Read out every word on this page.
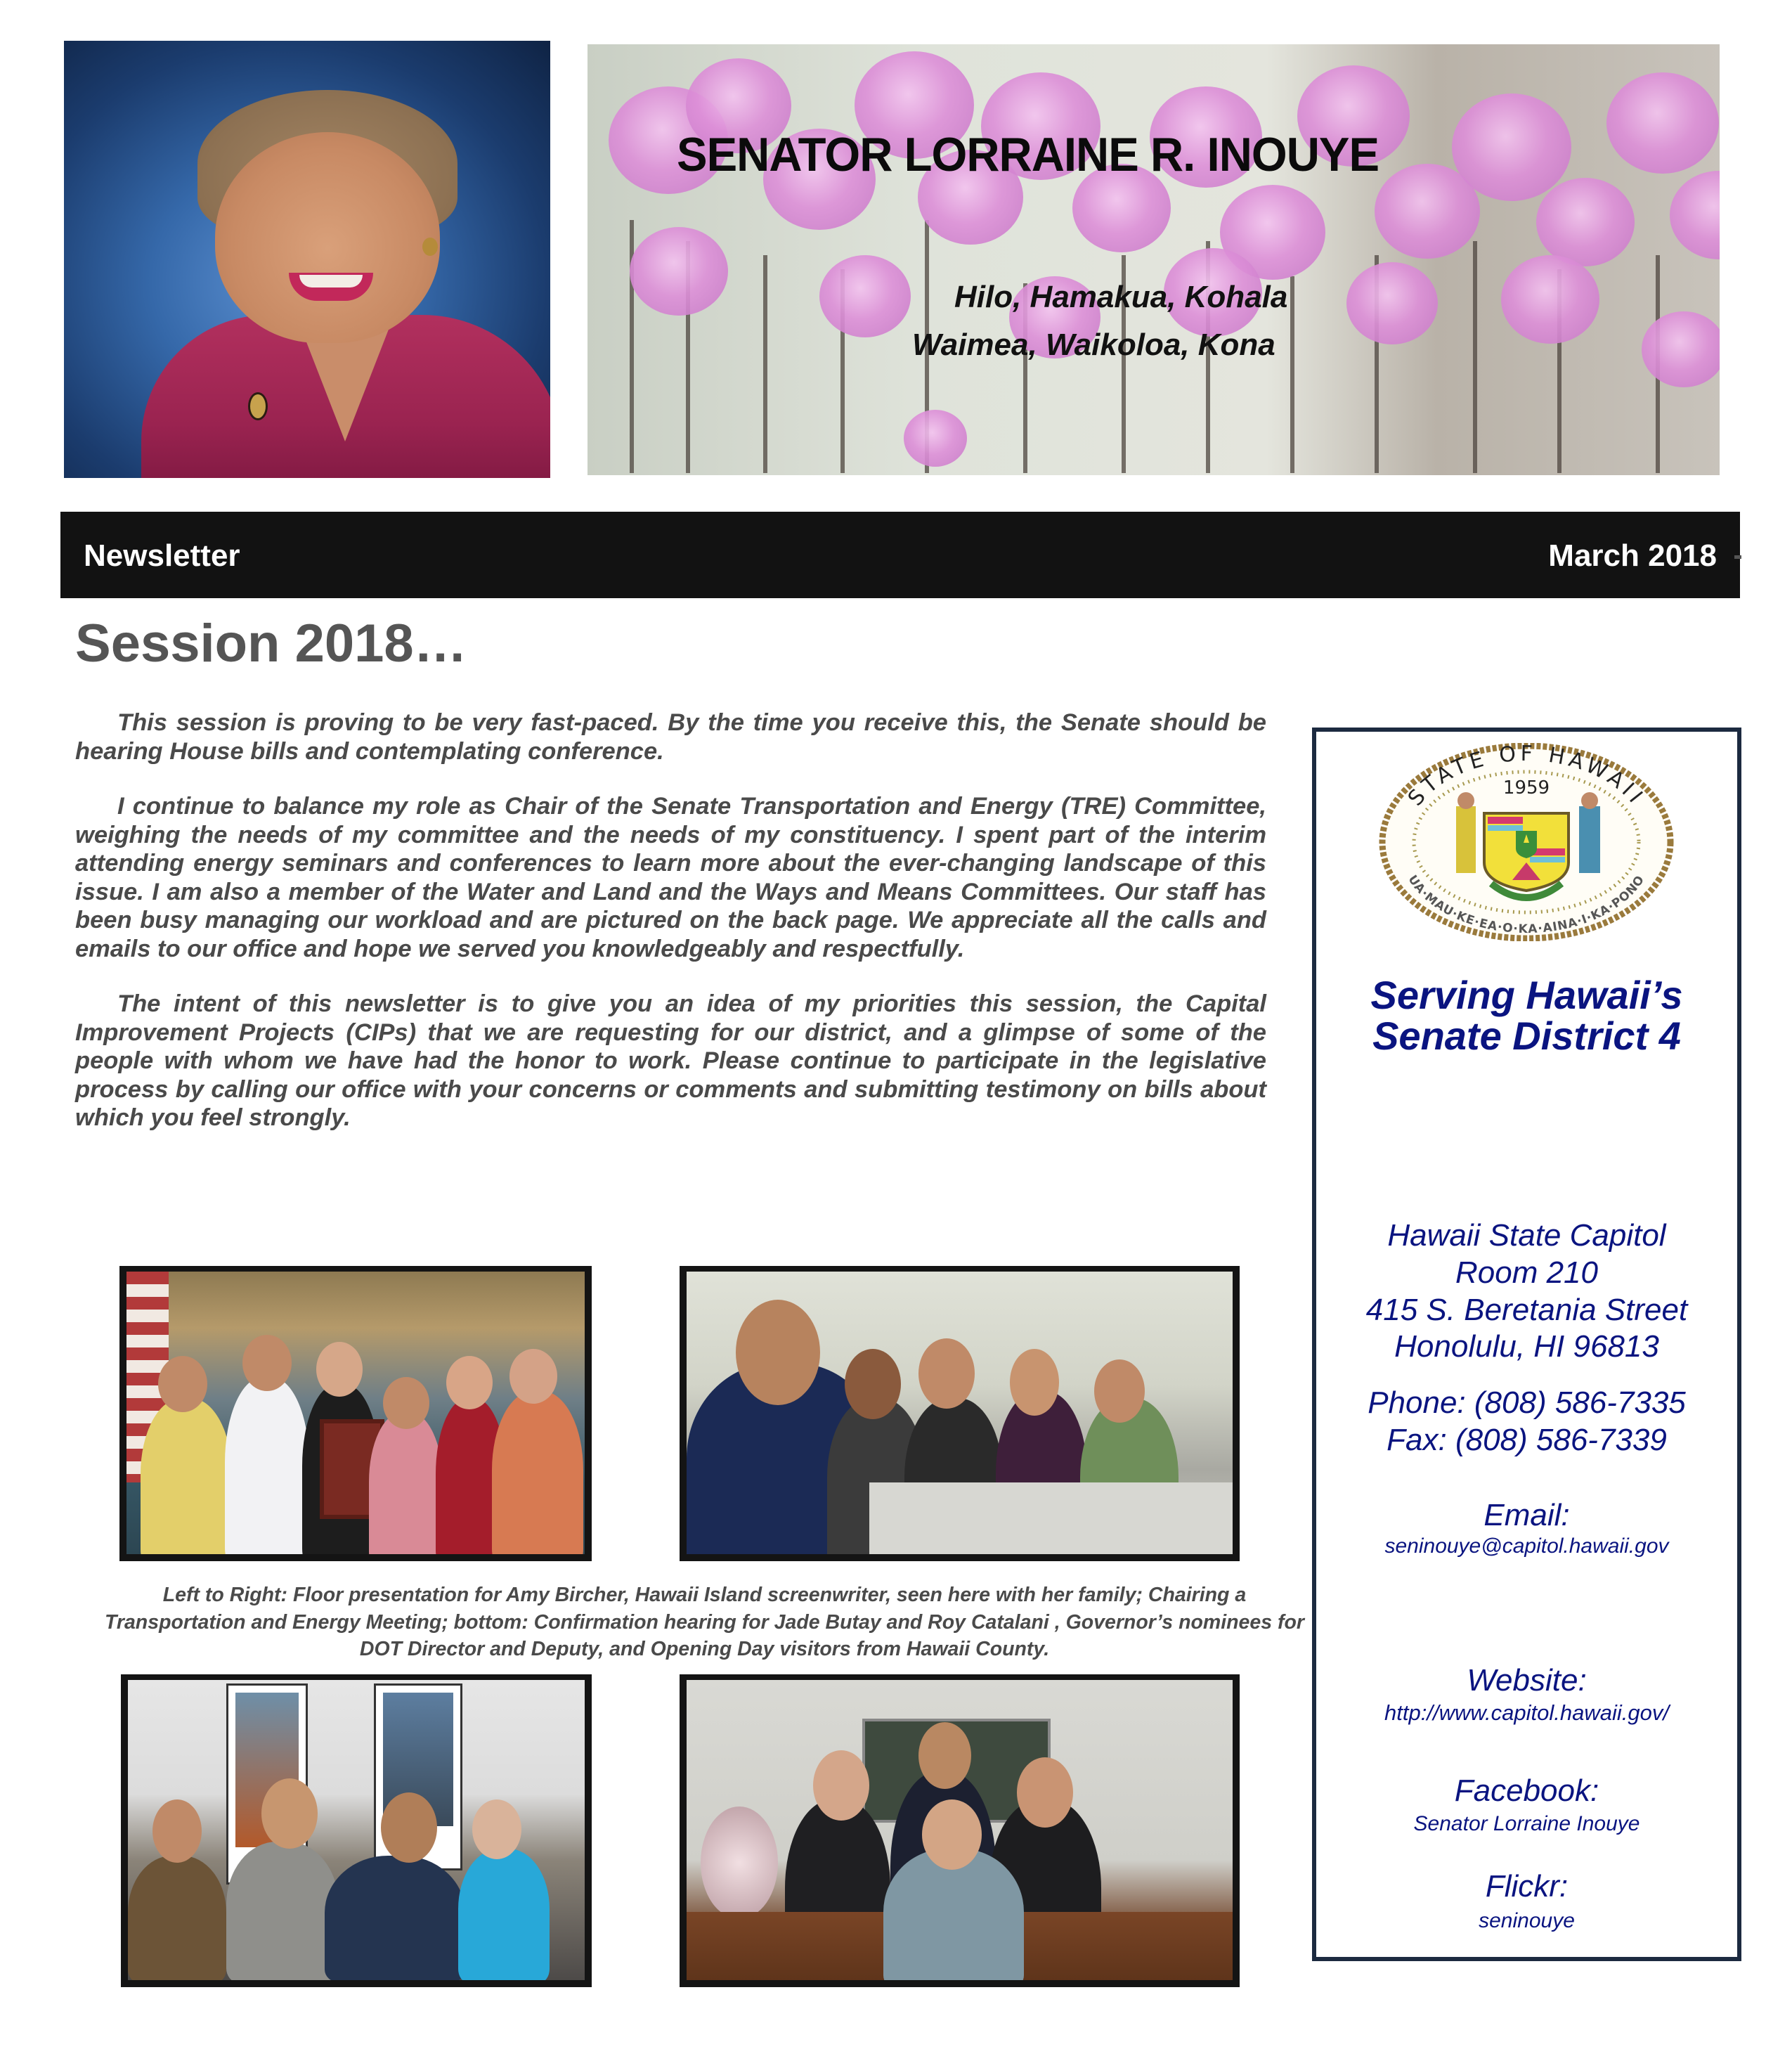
SENATOR LORRAINE R. INOUYE
Hilo, Hamakua, Kohala
Waimea, Waikoloa, Kona
Newsletter	March 2018
Session 2018…

This session is proving to be very fast-paced. By the time you receive this, the Senate should be hearing House bills and contemplating conference.

I continue to balance my role as Chair of the Senate Transportation and Energy (TRE) Committee, weighing the needs of my committee and the needs of my constituency. I spent part of the interim attending energy seminars and conferences to learn more about the ever-changing landscape of this issue. I am also a member of the Water and Land and the Ways and Means Committees. Our staff has been busy managing our workload and are pictured on the back page. We appreciate all the calls and emails to our office and hope we served you knowledgeably and respectfully.

The intent of this newsletter is to give you an idea of my priorities this session, the Capital Improvement Projects (CIPs) that we are requesting for our district, and a glimpse of some of the people with whom we have had the honor to work. Please continue to participate in the legislative process by calling our office with your concerns or comments and submitting testimony on bills about which you feel strongly.

Left to Right: Floor presentation for Amy Bircher, Hawaii Island screenwriter, seen here with her family; Chairing a Transportation and Energy Meeting; bottom: Confirmation hearing for Jade Butay and Roy Catalani , Governor’s nominees for DOT Director and Deputy, and Opening Day visitors from Hawaii County.
STATE OF HAWAII
1959
UA·MAU·KE·EA·O·KA·AINA·I·KA·PONO
Serving Hawaii’s
Senate District 4
Hawaii State Capitol
Room 210
415 S. Beretania Street
Honolulu, HI 96813
Phone: (808) 586-7335
Fax: (808) 586-7339
Email:
seninouye@capitol.hawaii.gov
Website:
http://www.capitol.hawaii.gov/
Facebook:
Senator Lorraine Inouye
Flickr:
seninouye
